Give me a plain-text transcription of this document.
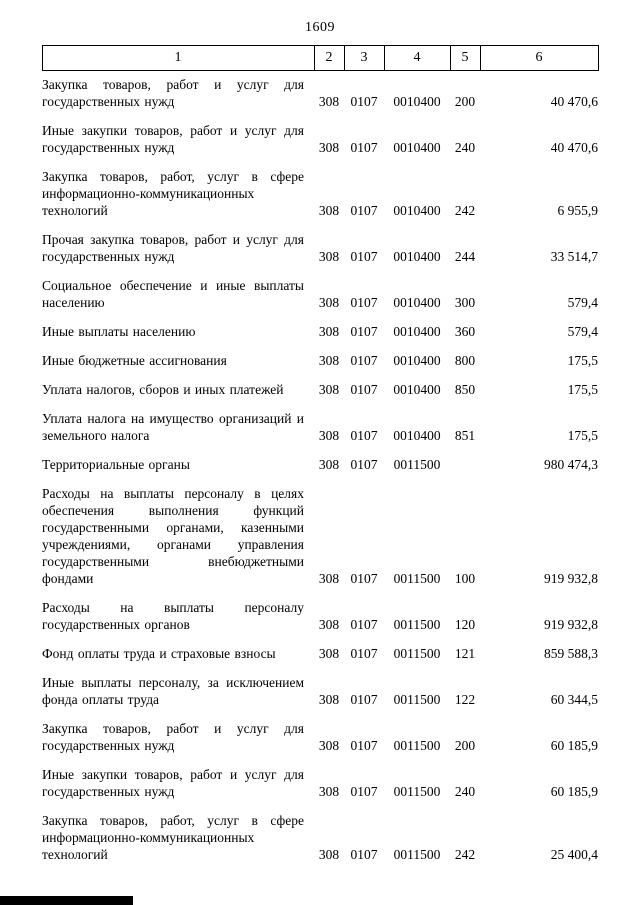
1609
1	2	3	4	5	6
Закупка товаров, работ и услуг для государственных нужд	308	0107	0010400	200	40 470,6
Иные закупки товаров, работ и услуг для государственных нужд	308	0107	0010400	240	40 470,6
Закупка товаров, работ, услуг в сфере информационно-коммуникационных технологий	308	0107	0010400	242	6 955,9
Прочая закупка товаров, работ и услуг для государственных нужд	308	0107	0010400	244	33 514,7
Социальное обеспечение и иные выплаты населению	308	0107	0010400	300	579,4
Иные выплаты населению	308	0107	0010400	360	579,4
Иные бюджетные ассигнования	308	0107	0010400	800	175,5
Уплата налогов, сборов и иных платежей	308	0107	0010400	850	175,5
Уплата налога на имущество организаций и земельного налога	308	0107	0010400	851	175,5
Территориальные органы	308	0107	0011500		980 474,3
Расходы на выплаты персоналу в целях обеспечения выполнения функций государственными органами, казенными учреждениями, органами управления государственными внебюджетными фондами	308	0107	0011500	100	919 932,8
Расходы на выплаты персоналу государственных органов	308	0107	0011500	120	919 932,8
Фонд оплаты труда и страховые взносы	308	0107	0011500	121	859 588,3
Иные выплаты персоналу, за исключением фонда оплаты труда	308	0107	0011500	122	60 344,5
Закупка товаров, работ и услуг для государственных нужд	308	0107	0011500	200	60 185,9
Иные закупки товаров, работ и услуг для государственных нужд	308	0107	0011500	240	60 185,9
Закупка товаров, работ, услуг в сфере информационно-коммуникационных технологий	308	0107	0011500	242	25 400,4
